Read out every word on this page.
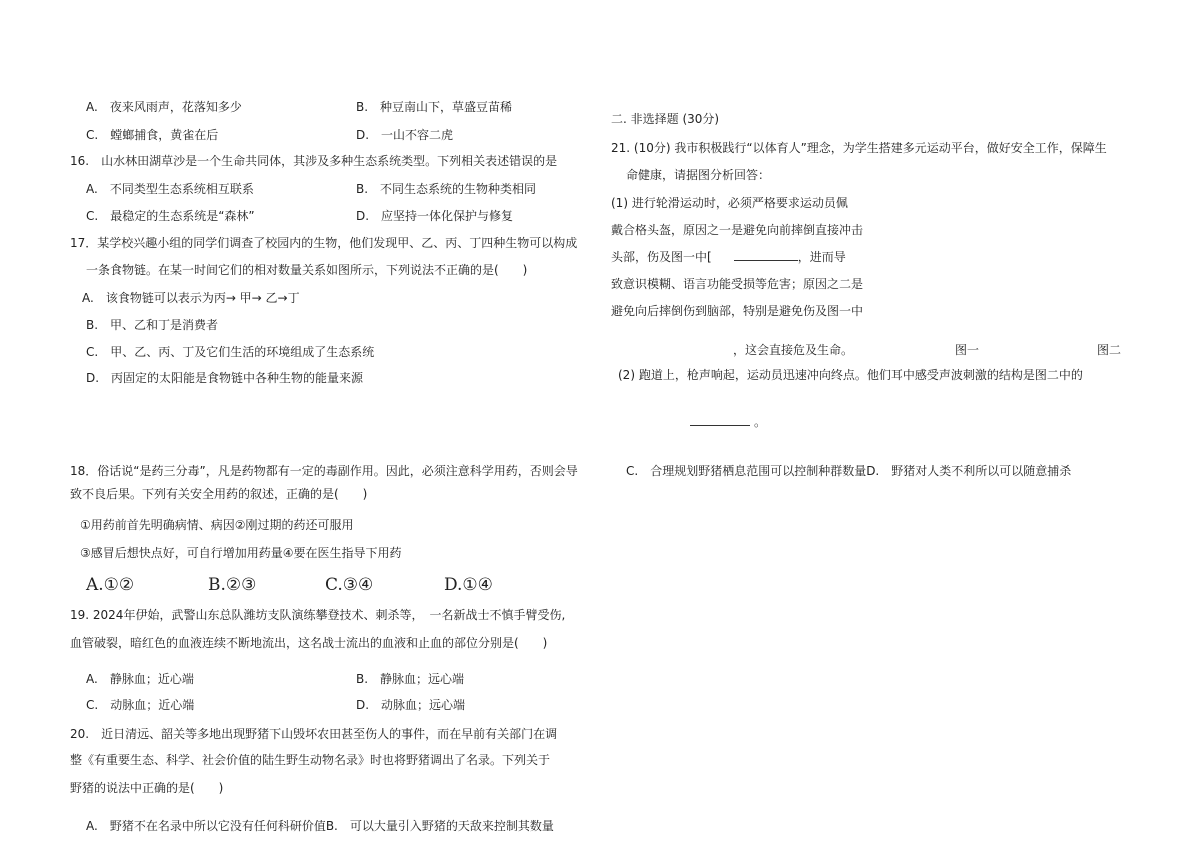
A.　夜来风雨声，花落知多少	B.　种豆南山下，草盛豆苗稀
C.　螳螂捕食，黄雀在后	D.　一山不容二虎
16.　山水林田湖草沙是一个生命共同体，其涉及多种生态系统类型。下列相关表述错误的是
A.　不同类型生态系统相互联系	B.　不同生态系统的生物种类相同
C.　最稳定的生态系统是“森林”	D.　应坚持一体化保护与修复
17．某学校兴趣小组的同学们调查了校园内的生物，他们发现甲、乙、丙、丁四种生物可以构成
一条食物链。在某一时间它们的相对数量关系如图所示，下列说法不正确的是(　　)
A.　该食物链可以表示为丙→ 甲→ 乙→丁
B.　甲、乙和丁是消费者
C.　甲、乙、丙、丁及它们生活的环境组成了生态系统
D.　丙固定的太阳能是食物链中各种生物的能量来源
18．俗话说“是药三分毒”，凡是药物都有一定的毒副作用。因此，必须注意科学用药，否则会导
致不良后果。下列有关安全用药的叙述，正确的是(　　)
①用药前首先明确病情、病因②刚过期的药还可服用
③感冒后想快点好，可自行增加用药量④要在医生指导下用药
A.①②	B.②③	C.③④	D.①④
19. 2024年伊始，武警山东总队潍坊支队演练攀登技术、刺杀等，　一名新战士不慎手臂受伤,
血管破裂，暗红色的血液连续不断地流出，这名战士流出的血液和止血的部位分别是(　　)
A.　静脉血；近心端	B.　静脉血；远心端
C.　动脉血；近心端	D.　动脉血；远心端
20.　近日清远、韶关等多地出现野猪下山毁坏农田甚至伤人的事件，而在早前有关部门在调
整《有重要生态、科学、社会价值的陆生野生动物名录》时也将野猪调出了名录。下列关于
野猪的说法中正确的是(　　)
A.　野猪不在名录中所以它没有任何科研价值B.　可以大量引入野猪的天敌来控制其数量
二. 非选择题 (30分)
21. (10分) 我市积极践行“以体育人”理念，为学生搭建多元运动平台，做好安全工作，保障生
命健康，请据图分析回答：
(1) 进行轮滑运动时，必须严格要求运动员佩
戴合格头盔，原因之一是避免向前摔倒直接冲击
头部，伤及图一中[	，进而导
致意识模糊、语言功能受损等危害；原因之二是
避免向后摔倒伤到脑部，特别是避免伤及图一中
，这会直接危及生命。	图一	图二
(2) 跑道上，枪声响起，运动员迅速冲向终点。他们耳中感受声波刺激的结构是图二中的
。
C.　合理规划野猪栖息范围可以控制种群数量D.　野猪对人类不利所以可以随意捕杀
